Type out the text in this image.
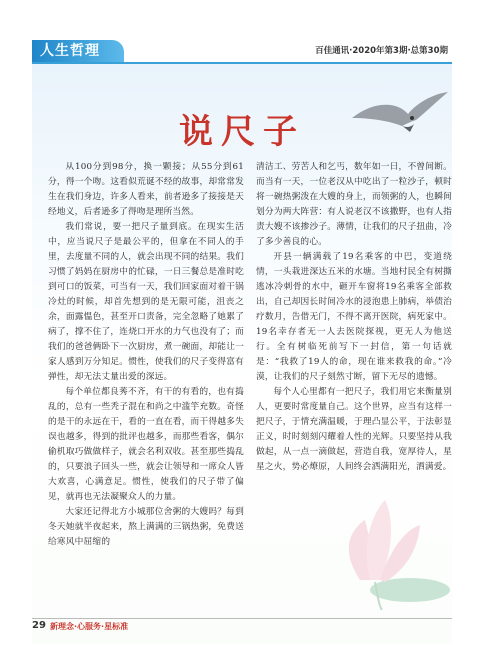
人生哲理	百佳通讯·2020年第3期·总第30期
说尺子

从100分到98分，换一颗接；从55分到61分，得一个吻。这看似荒诞不经的故事，却常常发生在我们身边，许多人看来，前者逊多了接接是天经地义，后者逊多了得吻是理所当然。

我们常说，要一把尺子量到底。在现实生活中，应当说尺子是最公平的，但拿在不同人的手里，去度量不同的人，就会出现不同的结果。我们习惯了妈妈在厨房中的忙碌，一日三餐总是准时吃到可口的饭菜，可当有一天，我们回家面对着干锅冷灶的时候，却首先想到的是无限可能，沮丧之余，面露愠色，甚至开口责备，完全忽略了她累了病了，撑不住了，连烧口开水的力气也没有了；而我们的爸爸俩卧下一次厨房，煮一碗面，却能让一家人感到万分知足。惯性，使我们的尺子变得富有弹性，却无法丈量出爱的深远。

每个单位都良莠不齐，有干的有看的，也有捣乱的，总有一些秃子混在和尚之中滥竽充数。奇怪的是干的永远在干，看的一直在看，而干得越多失误也越多，得到的批评也越多，而那些看客，偶尔偷机取巧做做样子，就会名利双收。甚至那些捣乱的，只要浪子回头一些，就会让领导和一席众人皆大欢喜，心满意足。惯性，使我们的尺子带了偏见，就再也无法凝聚众人的力量。

大家还记得北方小城那位舍粥的大嫂吗？每到冬天她就半夜起来，熬上满满的三锅热粥，免费送给寒风中屈缩的

清洁工、劳苦人和乞丐，数年如一日，不曾间断。而当有一天，一位老汉从中吃出了一粒沙子，顿时将一碗热粥泼在大嫂的身上，而领粥的人，也瞬间划分为两大阵营：有人说老汉不该撒野，也有人指责大嫂不该掺沙子。薄情，让我们的尺子扭曲，冷了多少善良的心。

开县一辆满载了19名乘客的中巴，变道绕情，一头栽进深达五米的水塘。当地村民全有树撕逃冰冷刺骨的水中，砸开车窗将19名乘客全部救出，自己却因长时间冷水的浸泡患上肺病，举债治疗数月，告借无门，不得不离开医院，病死家中。19名幸存者无一人去医院探视，更无人为他送行。全有树临死前写下一封信，第一句话就是：“我救了19人的命，现在谁来救我的命。”冷漠，让我们的尺子刻然寸断，留下无尽的遗憾。

每个人心里都有一把尺子，我们用它来衡量别人，更要时常度量自己。这个世界，应当有这样一把尺子，于情充满温暖，于理凸显公平，于法彰显正义，时时刻刻闪耀着人性的光辉。只要坚持从我做起，从一点一滴做起，营造自我，宽厚待人，星星之火，势必燎原，人间终会洒满阳光，洒满爱。

29 新理念·心服务·星标准
